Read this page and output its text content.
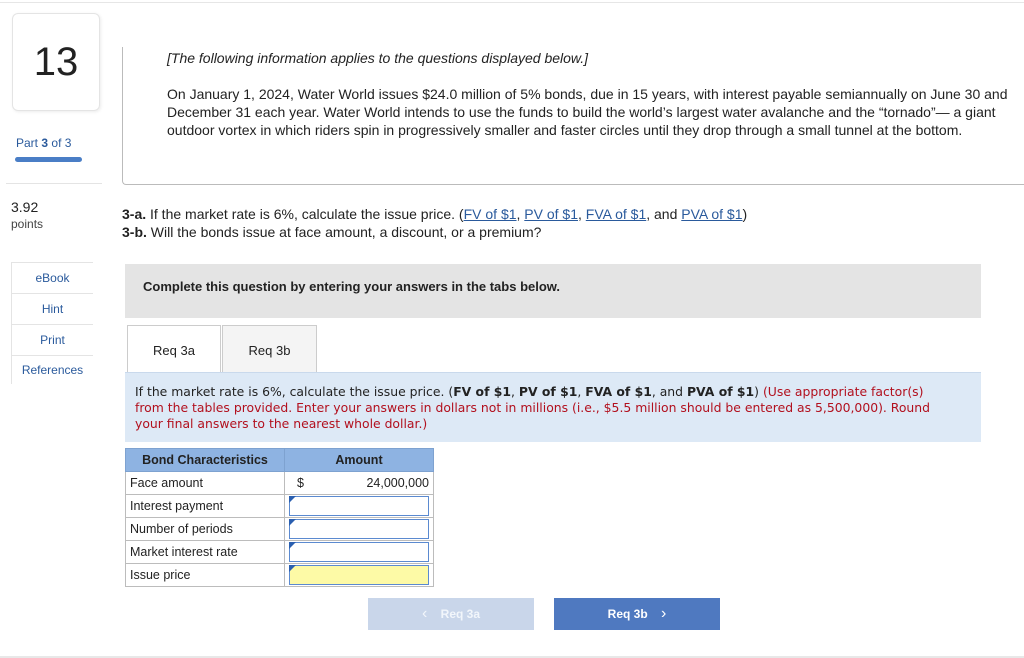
13
Part 3 of 3
3.92
points
eBook
Hint
Print
References
[The following information applies to the questions displayed below.]
On January 1, 2024, Water World issues $24.0 million of 5% bonds, due in 15 years, with interest payable semiannually on June 30 and December 31 each year. Water World intends to use the funds to build the world’s largest water avalanche and the “tornado”— a giant outdoor vortex in which riders spin in progressively smaller and faster circles until they drop through a small tunnel at the bottom.
3-a. If the market rate is 6%, calculate the issue price. (FV of $1, PV of $1, FVA of $1, and PVA of $1)
3-b. Will the bonds issue at face amount, a discount, or a premium?
Complete this question by entering your answers in the tabs below.
Req 3a	Req 3b

If the market rate is 6%, calculate the issue price. (FV of $1, PV of $1, FVA of $1, and PVA of $1) (Use appropriate factor(s) from the tables provided. Enter your answers in dollars not in millions (i.e., $5.5 million should be entered as 5,500,000). Round your final answers to the nearest whole dollar.)

Bond Characteristics	Amount
Face amount	$ 24,000,000

Interest payment	

Number of periods	

Market interest rate	

Issue price	
‹
Req 3a	Req 3b
›
